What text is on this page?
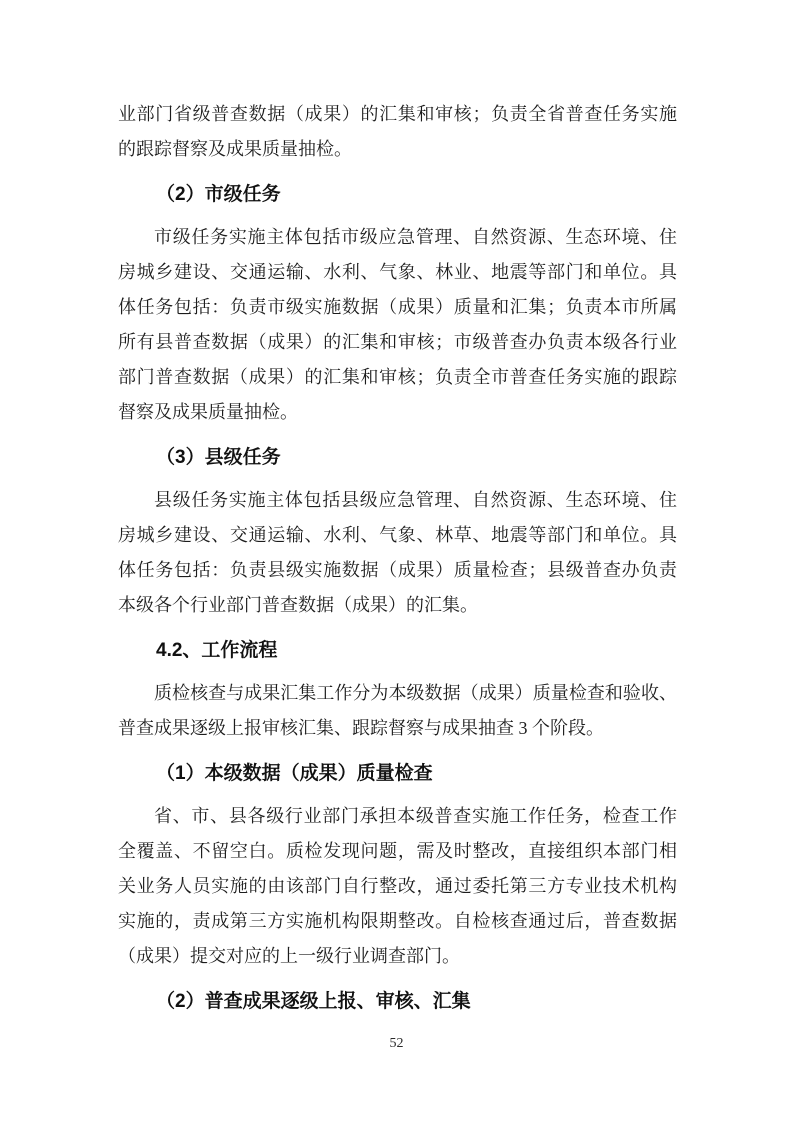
业部门省级普查数据（成果）的汇集和审核；负责全省普查任务实施
的跟踪督察及成果质量抽检。
（2）市级任务
市级任务实施主体包括市级应急管理、自然资源、生态环境、住
房城乡建设、交通运输、水利、气象、林业、地震等部门和单位。具
体任务包括：负责市级实施数据（成果）质量和汇集；负责本市所属
所有县普查数据（成果）的汇集和审核；市级普查办负责本级各行业
部门普查数据（成果）的汇集和审核；负责全市普查任务实施的跟踪
督察及成果质量抽检。
（3）县级任务
县级任务实施主体包括县级应急管理、自然资源、生态环境、住
房城乡建设、交通运输、水利、气象、林草、地震等部门和单位。具
体任务包括：负责县级实施数据（成果）质量检查；县级普查办负责
本级各个行业部门普查数据（成果）的汇集。
4.2、工作流程
质检核查与成果汇集工作分为本级数据（成果）质量检查和验收、
普查成果逐级上报审核汇集、跟踪督察与成果抽查 3 个阶段。
（1）本级数据（成果）质量检查
省、市、县各级行业部门承担本级普查实施工作任务，检查工作
全覆盖、不留空白。质检发现问题，需及时整改，直接组织本部门相
关业务人员实施的由该部门自行整改，通过委托第三方专业技术机构
实施的，责成第三方实施机构限期整改。自检核查通过后，普查数据
（成果）提交对应的上一级行业调查部门。
（2）普查成果逐级上报、审核、汇集
52
